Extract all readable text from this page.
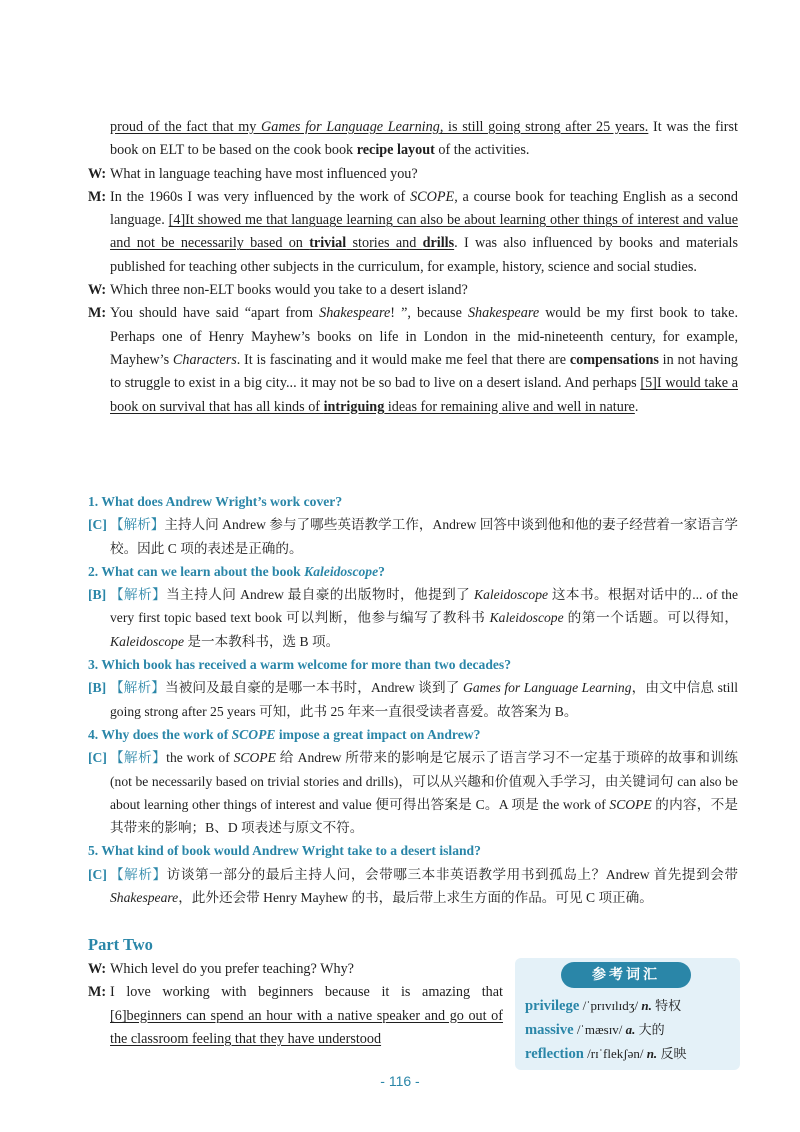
proud of the fact that my Games for Language Learning, is still going strong after 25 years. It was the first book on ELT to be based on the cook book recipe layout of the activities.
W: What in language teaching have most influenced you?
M: In the 1960s I was very influenced by the work of SCOPE, a course book for teaching English as a second language. [4]It showed me that language learning can also be about learning other things of interest and value and not be necessarily based on trivial stories and drills. I was also influenced by books and materials published for teaching other subjects in the curriculum, for example, history, science and social studies.
W: Which three non-ELT books would you take to a desert island?
M: You should have said “apart from Shakespeare! ”, because Shakespeare would be my first book to take. Perhaps one of Henry Mayhew’s books on life in London in the mid-nineteenth century, for example, Mayhew’s Characters. It is fascinating and it would make me feel that there are compensations in not having to struggle to exist in a big city... it may not be so bad to live on a desert island. And perhaps [5]I would take a book on survival that has all kinds of intriguing ideas for remaining alive and well in nature.
1. What does Andrew Wright’s work cover?
[C] 【解析】主持人问 Andrew 参与了哪些英语教学工作，Andrew 回答中谈到他和他的妻子经营着一家语言学校。因此 C 项的表述是正确的。
2. What can we learn about the book Kaleidoscope?
[B] 【解析】当主持人问 Andrew 最自豪的出版物时，他提到了 Kaleidoscope 这本书。根据对话中的... of the very first topic based text book 可以判断，他参与编写了教科书 Kaleidoscope 的第一个话题。可以得知，Kaleidoscope 是一本教科书，选 B 项。
3. Which book has received a warm welcome for more than two decades?
[B] 【解析】当被问及最自豪的是哪一本书时，Andrew 谈到了 Games for Language Learning，由文中信息 still going strong after 25 years 可知，此书 25 年来一直很受读者喜爱。故答案为 B。
4. Why does the work of SCOPE impose a great impact on Andrew?
[C] 【解析】the work of SCOPE 给 Andrew 所带来的影响是它展示了语言学习不一定基于琐碎的故事和训练 (not be necessarily based on trivial stories and drills)，可以从兴趣和价值观入手学习，由关键词句 can also be about learning other things of interest and value 便可得出答案是 C。A 项是 the work of SCOPE 的内容，不是其带来的影响；B、D 项表述与原文不符。
5. What kind of book would Andrew Wright take to a desert island?
[C] 【解析】访谈第一部分的最后主持人问，会带哪三本非英语教学用书到孤岛上？Andrew 首先提到会带 Shakespeare，此外还会带 Henry Mayhew 的书，最后带上求生方面的作品。可见 C 项正确。
Part Two
W: Which level do you prefer teaching? Why?
M: I love working with beginners because it is amazing that [6]beginners can spend an hour with a native speaker and go out of the classroom feeling that they have understood
参考词汇
privilege /ˈprɪvɪlɪdʒ/ n. 特权
massive /ˈmæsɪv/ a. 大的
reflection /rɪˈflekʃən/ n. 反映
- 116 -
